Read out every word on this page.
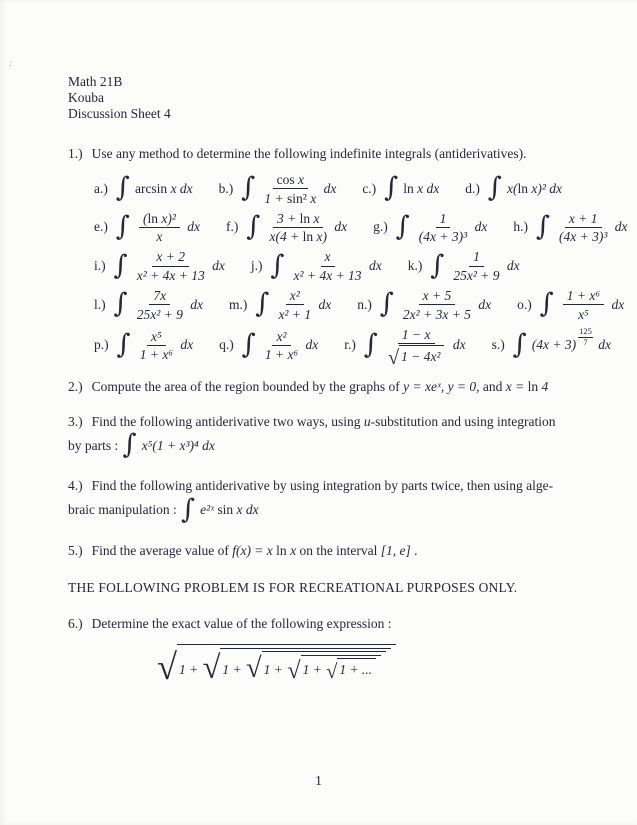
:
Math 21B
Kouba
Discussion Sheet 4
1.) Use any method to determine the following indefinite integrals (antiderivatives).
a.) ∫ arcsin x dx b.) ∫ $\frac{\text{cos x}}{\text{1 + sin² x}}$ dx c.) ∫ ln x dx d.) ∫ x( ln x)² dx
e.) ∫ $\frac{\text{( ln x)²}}{x}$ dx f.) ∫ $\frac{\text{3 + ln x}}{\text{x(4 + ln x)}}$ dx g.) ∫ $\frac{1}{\text{(4x + 3)³}}$ dx h.) ∫ $\frac{x + 1}{\text{(4x + 3)³}}$ dx
i.) ∫ $\frac{x + 2}{\text{x² + 4x + 13}}$ dx j.) ∫ $\frac{x}{\text{x² + 4x + 13}}$ dx k.) ∫ $\frac{1}{\text{25x² + 9}}$ dx
l.) ∫ $\frac{7x}{\text{25x² + 9}}$ dx m.) ∫ $\frac{\text{x²}}{\text{x² + 1}}$ dx n.) ∫ $\frac{x + 5}{\text{2x² + 3x + 5}}$ dx o.) ∫ $\frac{\text{1 + x⁶}}{\text{x⁵}}$ dx
p.) ∫ $\frac{\text{x⁵}}{\text{1 + x⁶}}$ dx q.) ∫ $\frac{\text{x²}}{\text{1 + x⁶}}$ dx r.) ∫ $\frac{1 - x}{\text{√ 1 − 4x²}}$ dx s.) ∫ $(4x + 3) \frac{125}{7}$ dx
2.) Compute the area of the region bounded by the graphs of y = xeˣ, y = 0, and x = ln 4
3.) Find the following antiderivative two ways, using u -substitution and using integration
by parts : ∫ x⁵(1 + x³)⁴ dx
4.) Find the following antiderivative by using integration by parts twice, then using alge-
braic manipulation : ∫ e²ˣ sin x dx
5.) Find the average value of f(x) = x ln x on the interval [1, e] .
THE FOLLOWING PROBLEM IS FOR RECREATIONAL PURPOSES ONLY.
6.) Determine the exact value of the following expression :
√ 1 + √ 1 + √ 1 + √ 1 + √ 1 + ...
1
